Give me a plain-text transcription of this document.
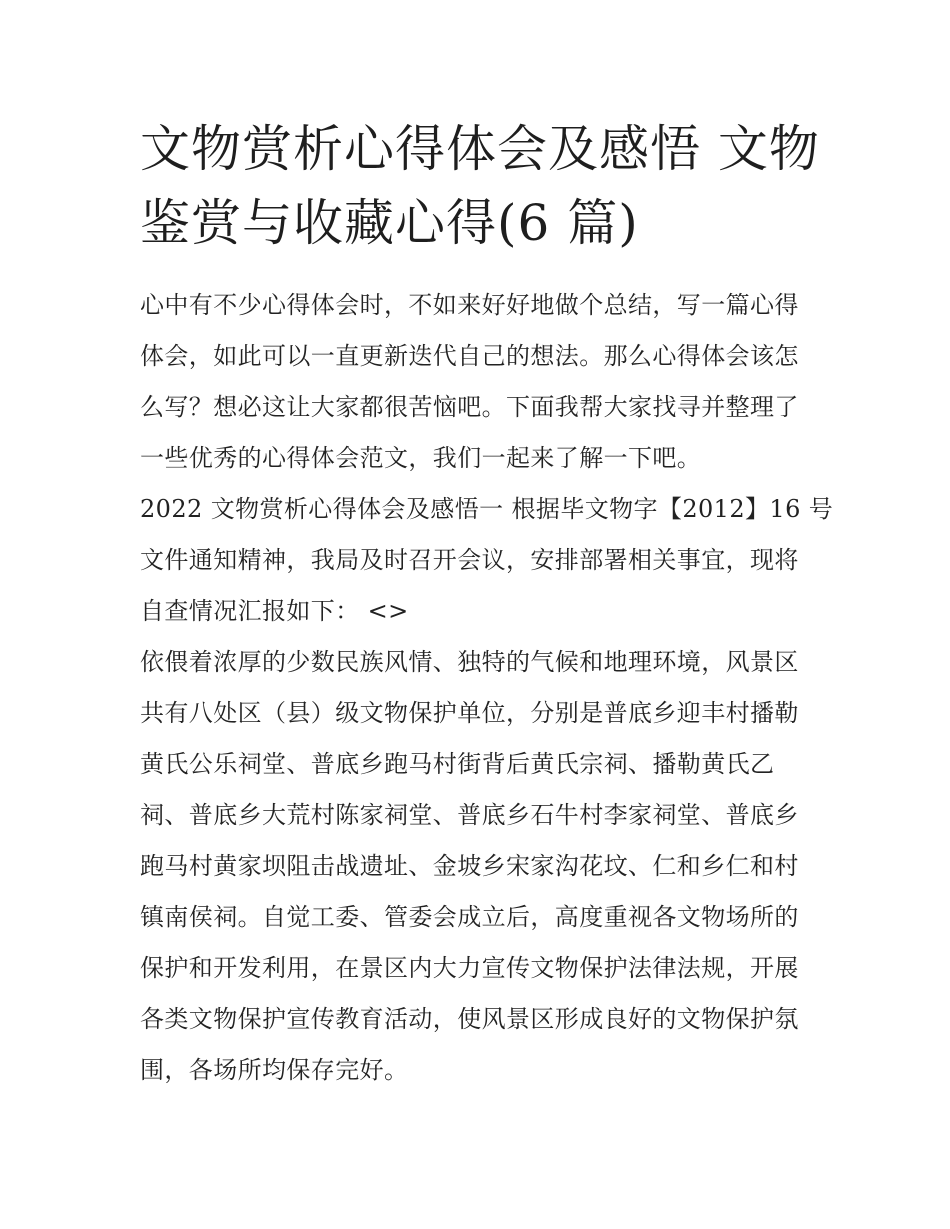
文物赏析心得体会及感悟 文物
鉴赏与收藏心得(6 篇)

心中有不少心得体会时，不如来好好地做个总结，写一篇心得
体会，如此可以一直更新迭代自己的想法。那么心得体会该怎
么写？想必这让大家都很苦恼吧。下面我帮大家找寻并整理了
一些优秀的心得体会范文，我们一起来了解一下吧。

2022 文物赏析心得体会及感悟一 根据毕文物字【2012】16 号
文件通知精神，我局及时召开会议，安排部署相关事宜，现将
自查情况汇报如下： <>

依偎着浓厚的少数民族风情、独特的气候和地理环境，风景区
共有八处区（县）级文物保护单位，分别是普底乡迎丰村播勒
黄氏公乐祠堂、普底乡跑马村街背后黄氏宗祠、播勒黄氏乙
祠、普底乡大荒村陈家祠堂、普底乡石牛村李家祠堂、普底乡
跑马村黄家坝阻击战遗址、金坡乡宋家沟花坟、仁和乡仁和村
镇南侯祠。自觉工委、管委会成立后，高度重视各文物场所的
保护和开发利用，在景区内大力宣传文物保护法律法规，开展
各类文物保护宣传教育活动，使风景区形成良好的文物保护氛
围，各场所均保存完好。
